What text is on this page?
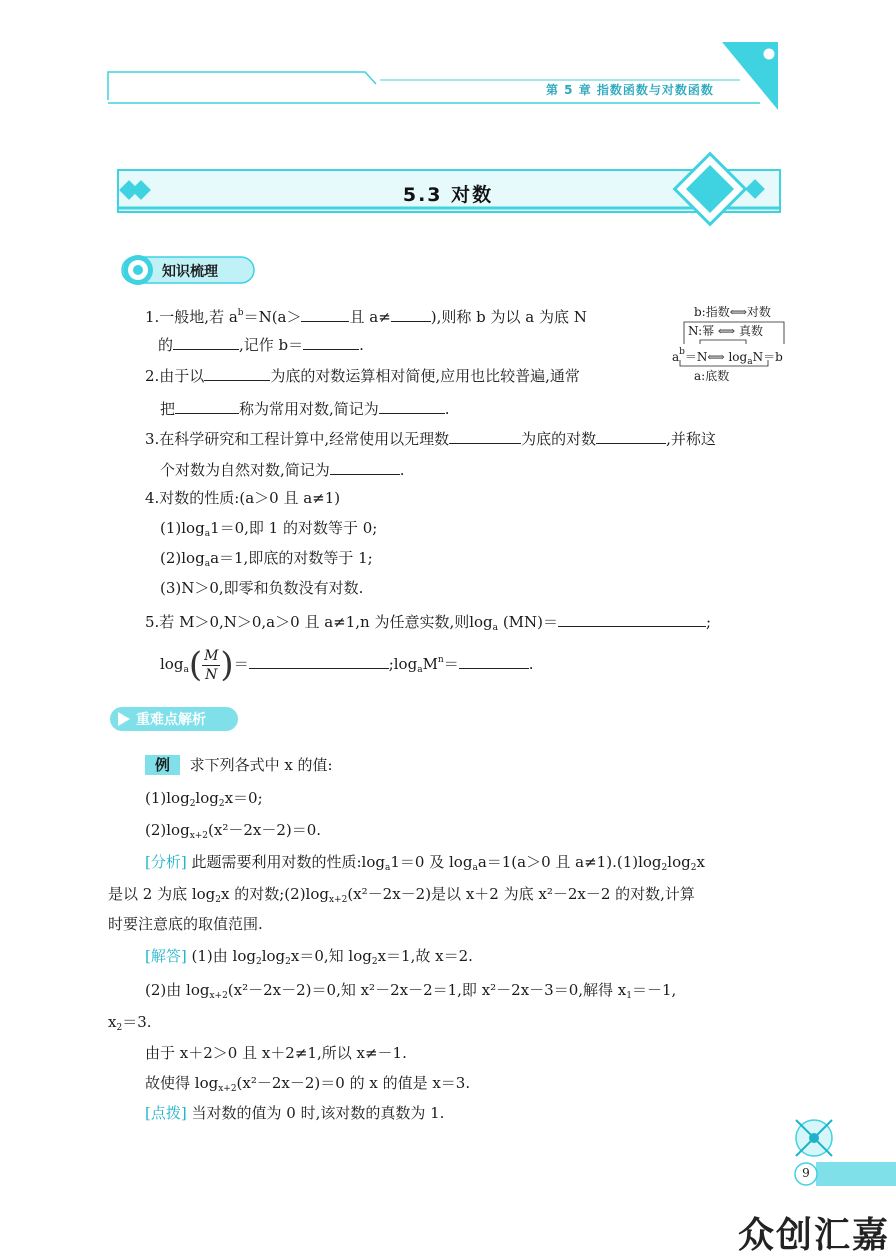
第 5 章 指数函数与对数函数
5.3 对数
知识梳理
1.一般地,若 $a^b=N(a>$	且 a≠	),则称 b 为以 a 为底 N
的	,记作 b＝	.
b:指数⟺对数
N:幂 ⟺ 真数
$a^b=N⟺$ $\log_aN=b$
a:底数
2.由于以	为底的对数运算相对简便,应用也比较普遍,通常
把	称为常用对数,简记为	.
3.在科学研究和工程计算中,经常使用以无理数	为底的对数	,并称这
个对数为自然对数,简记为	.
4.对数的性质:(a＞0 且 a≠1)
$(1)\log_a1=0$,即 1 的对数等于 0;
$(2)\log_aa=1$,即底的对数等于 1;
(3)N＞0,即零和负数没有对数.
5.若 M＞0,N＞0,a＞0 且 a≠1,n 为任意实数,则$\log_a (MN)=$	;
$\log_a( \frac{M}{N}$ )＝	$;\log_aM^n=$	.
重难点解析
例 求下列各式中 x 的值:
$(1)\log_2\log_2x=0$;
$(2)\log_{x+2}(x^2-2x-2)=0$.
[分析] 此题需要利用对数的性质$:\log_a1=0$ 及 $\log_aa=1(a>0$ 且 $a\ne 1).(1)\log_2\log_2x$
是以 2 为底 $\log_2x$ 的对数$;(2)\log_{x+2}(x^2-2x-2)$是以 x＋2 为底 x²－2x－2 的对数,计算
时要注意底的取值范围.
[解答] (1)由 $\log_2\log_2x=0$,知 $\log_2x=1$,故 x＝2.
(2)由 $\log_{x+2}(x^2-2x-2)=0$,知 x²－2x－2＝1,即 x²－2x－3＝0,解得 $x_1=-1$,
$x_2=3$.
由于 x＋2＞0 且 x＋2≠1,所以 x≠－1.
故使得 $\log_{x+2}(x^2-2x-2)=0$ 的 x 的值是 x＝3.
[点拨] 当对数的值为 0 时,该对数的真数为 1.
9
众创汇嘉
